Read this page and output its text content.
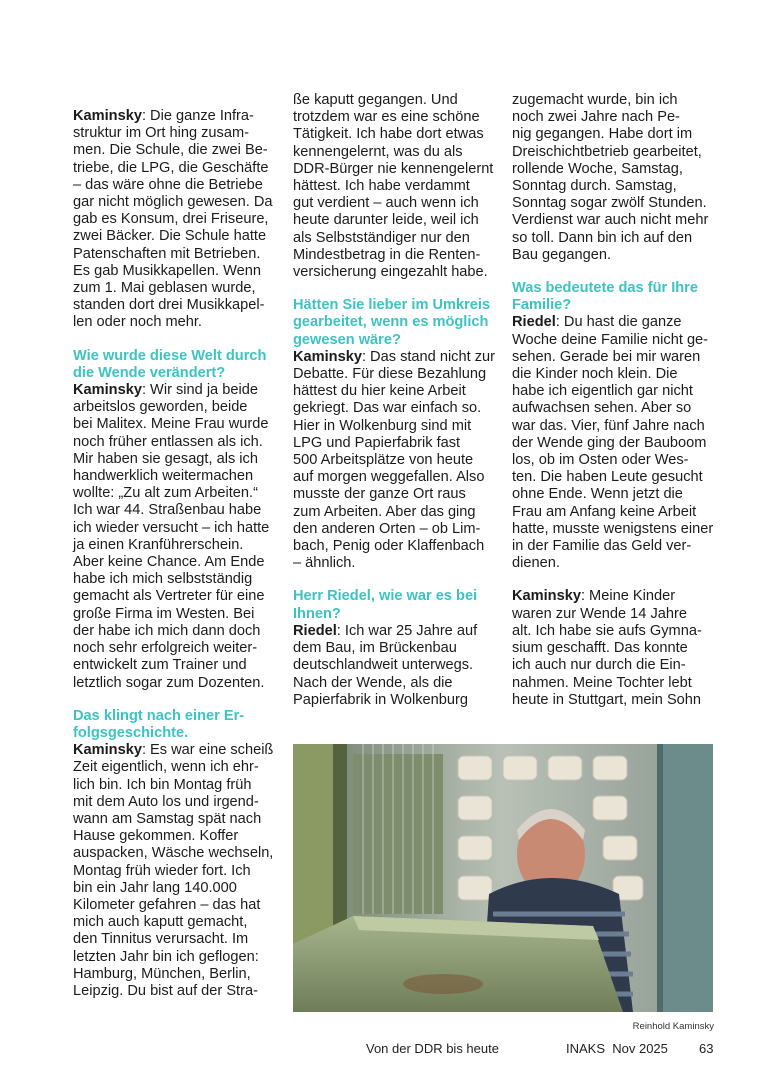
Kaminsky: Die ganze Infra-
struktur im Ort hing zusam-
men. Die Schule, die zwei Be-
triebe, die LPG, die Geschäfte
– das wäre ohne die Betriebe
gar nicht möglich gewesen. Da
gab es Konsum, drei Friseure,
zwei Bäcker. Die Schule hatte
Patenschaften mit Betrieben.
Es gab Musikkapellen. Wenn
zum 1. Mai geblasen wurde,
standen dort drei Musikkapel-
len oder noch mehr.

Wie wurde diese Welt durch
die Wende verändert?

Kaminsky: Wir sind ja beide
arbeitslos geworden, beide
bei Malitex. Meine Frau wurde
noch früher entlassen als ich.
Mir haben sie gesagt, als ich
handwerklich weitermachen
wollte: „Zu alt zum Arbeiten.“
Ich war 44. Straßenbau habe
ich wieder versucht – ich hatte
ja einen Kranführerschein.
Aber keine Chance. Am Ende
habe ich mich selbstständig
gemacht als Vertreter für eine
große Firma im Westen. Bei
der habe ich mich dann doch
noch sehr erfolgreich weiter-
entwickelt zum Trainer und
letztlich sogar zum Dozenten.

Das klingt nach einer Er-
folgsgeschichte.

Kaminsky: Es war eine scheiß
Zeit eigentlich, wenn ich ehr-
lich bin. Ich bin Montag früh
mit dem Auto los und irgend-
wann am Samstag spät nach
Hause gekommen. Koffer
auspacken, Wäsche wechseln,
Montag früh wieder fort. Ich
bin ein Jahr lang 140.000
Kilometer gefahren – das hat
mich auch kaputt gemacht,
den Tinnitus verursacht. Im
letzten Jahr bin ich geflogen:
Hamburg, München, Berlin,
Leipzig. Du bist auf der Stra-

ße kaputt gegangen. Und
trotzdem war es eine schöne
Tätigkeit. Ich habe dort etwas
kennengelernt, was du als
DDR-Bürger nie kennengelernt
hättest. Ich habe verdammt
gut verdient – auch wenn ich
heute darunter leide, weil ich
als Selbstständiger nur den
Mindestbetrag in die Renten-
versicherung eingezahlt habe.

Hätten Sie lieber im Umkreis
gearbeitet, wenn es möglich
gewesen wäre?

Kaminsky: Das stand nicht zur
Debatte. Für diese Bezahlung
hättest du hier keine Arbeit
gekriegt. Das war einfach so.
Hier in Wolkenburg sind mit
LPG und Papierfabrik fast
500 Arbeitsplätze von heute
auf morgen weggefallen. Also
musste der ganze Ort raus
zum Arbeiten. Aber das ging
den anderen Orten – ob Lim-
bach, Penig oder Klaffenbach
– ähnlich.

Herr Riedel, wie war es bei
Ihnen?

Riedel: Ich war 25 Jahre auf
dem Bau, im Brückenbau
deutschlandweit unterwegs.
Nach der Wende, als die
Papierfabrik in Wolkenburg

zugemacht wurde, bin ich
noch zwei Jahre nach Pe-
nig gegangen. Habe dort im
Dreischichtbetrieb gearbeitet,
rollende Woche, Samstag,
Sonntag durch. Samstag,
Sonntag sogar zwölf Stunden.
Verdienst war auch nicht mehr
so toll. Dann bin ich auf den
Bau gegangen.

Was bedeutete das für Ihre
Familie?

Riedel: Du hast die ganze
Woche deine Familie nicht ge-
sehen. Gerade bei mir waren
die Kinder noch klein. Die
habe ich eigentlich gar nicht
aufwachsen sehen. Aber so
war das. Vier, fünf Jahre nach
der Wende ging der Bauboom
los, ob im Osten oder Wes-
ten. Die haben Leute gesucht
ohne Ende. Wenn jetzt die
Frau am Anfang keine Arbeit
hatte, musste wenigstens einer
in der Familie das Geld ver-
dienen.

Kaminsky: Meine Kinder
waren zur Wende 14 Jahre
alt. Ich habe sie aufs Gymna-
sium geschafft. Das konnte
ich auch nur durch die Ein-
nahmen. Meine Tochter lebt
heute in Stuttgart, mein Sohn

Reinhold Kaminsky
Von der DDR bis heute	INAKS  Nov 2025 63
